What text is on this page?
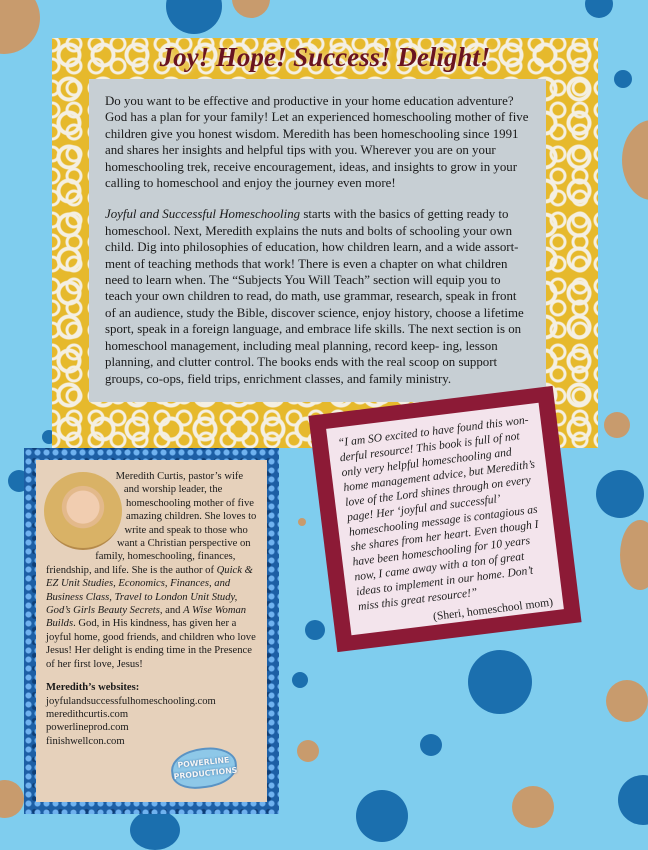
Joy! Hope! Success! Delight!

Do you want to be effective and productive in your home education adventure? God has a plan for your family! Let an experienced homeschooling mother of five children give you honest wisdom. Meredith has been homeschooling since 1991 and shares her insights and helpful tips with you. Wherever you are on your homeschooling trek, receive encouragement, ideas, and insights to grow in your calling to homeschool and enjoy the journey even more!

Joyful and Successful Homeschooling starts with the basics of getting ready to homeschool. Next, Meredith explains the nuts and bolts of schooling your own child. Dig into philosophies of education, how children learn, and a wide assort- ment of teaching methods that work! There is even a chapter on what children need to learn when. The “Subjects You Will Teach” section will equip you to teach your own children to read, do math, use grammar, research, speak in front of an audience, study the Bible, discover science, enjoy history, choose a lifetime sport, speak in a foreign language, and embrace life skills. The next section is on homeschool management, including meal planning, record keep- ing, lesson planning, and clutter control. The books ends with the real scoop on support groups, co-ops, field trips, enrichment classes, and family ministry.

“I am SO excited to have found this won- derful resource! This book is full of not only very helpful homeschooling and home management advice, but Meredith’s love of the Lord shines through on every page! Her ‘joyful and successful’ homeschooling message is contagious as she shares from her heart. Even though I have been homeschooling for 10 years now, I came away with a ton of great ideas to implement in our home. Don’t miss this great resource!”
(Sheri, homeschool mom)
Meredith Curtis, pastor’s wife and worship leader, the homeschooling mother of five amazing children. She loves to write and speak to those who want a Christian perspective on family, homeschooling, finances, friendship, and life. She is the author of Quick & EZ Unit Studies, Economics, Finances, and Business Class, Travel to London Unit Study, God’s Girls Beauty Secrets, and A Wise Woman Builds. God, in His kindness, has given her a joyful home, good friends, and children who love Jesus! Her delight is ending time in the Presence of her first love, Jesus!
Meredith’s websites:
joyfulandsuccessfulhomeschooling.com
meredithcurtis.com
powerlineprod.com
finishwellcon.com
POWERLINE
PRODUCTIONS
